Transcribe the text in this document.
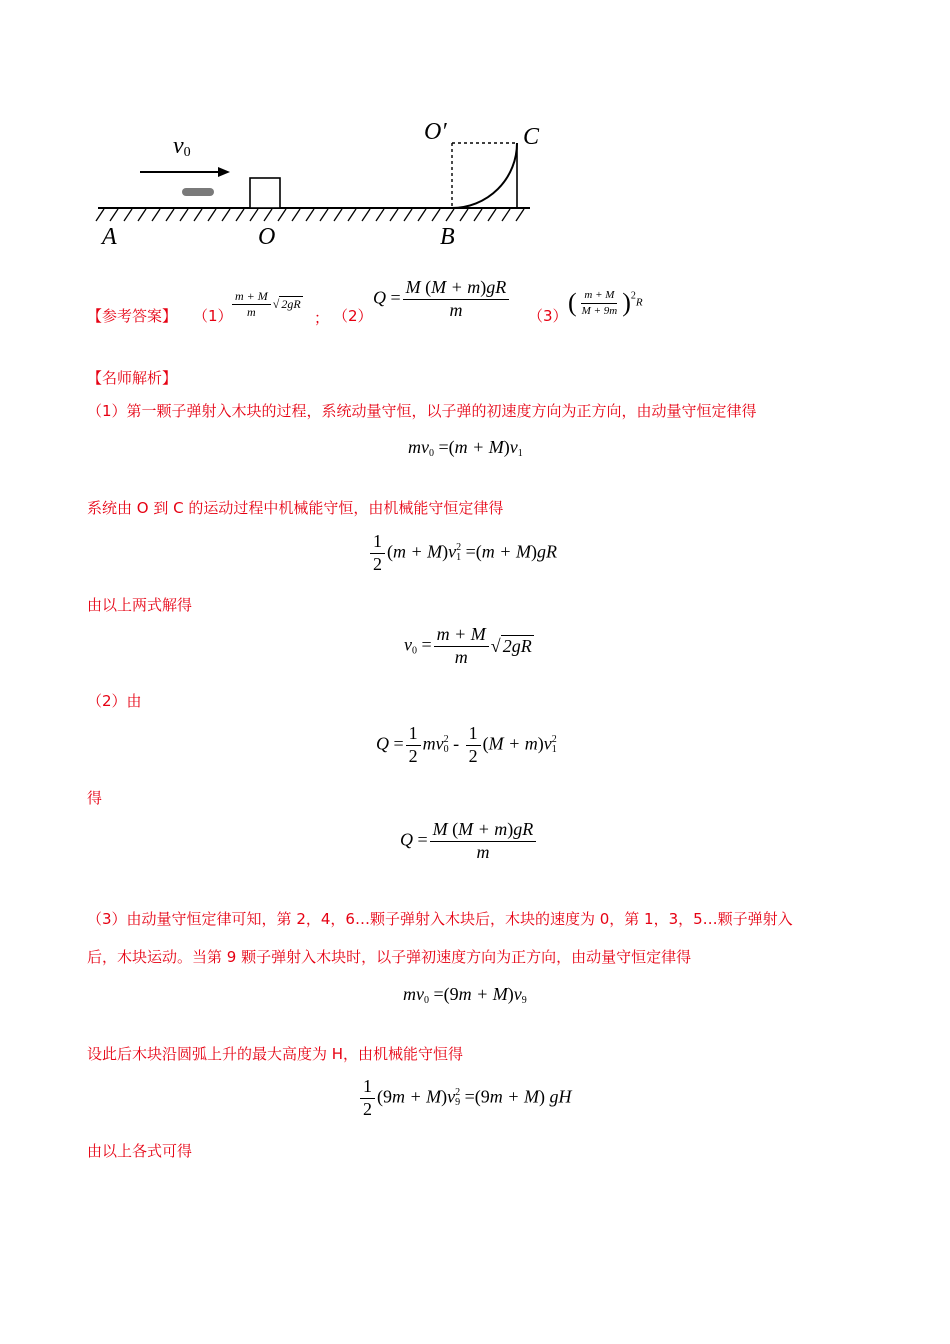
$v_0$
A	O	B
O′	C
【参考答案】 $(1) \frac{m + M}{m}$ √ 2gR
； （2）
$Q = \frac{M (M + m)gR}{m} (3)$ ( $\frac{m + M}{M + 9m} )^2R$
【名师解析】
（1）第一颗子弹射入木块的过程，系统动量守恒，以子弹的初速度方向为正方向，由动量守恒定律得
$mv_0 =(m + M)v_1$
系统由 O 到 C 的运动过程中机械能守恒，由机械能守恒定律得
$\frac{1}{2} (m + M)v$ 2
1 =(m + M)gR
由以上两式解得
$v_0 = \frac{m + M}{m}$ √ 2gR
（2）由
$Q = \frac{1}{2}$ mv 2
$0 - \frac{1}{2} (M + m)v$ 2
1
得
$Q = \frac{M (M + m)gR}{m}$
（3）由动量守恒定律可知，第 2，4，6…颗子弹射入木块后，木块的速度为 0，第 1，3，5…颗子弹射入
后，木块运动。当第 9 颗子弹射入木块时，以子弹初速度方向为正方向，由动量守恒定律得
$mv_0 =(9m + M)v_9$
设此后木块沿圆弧上升的最大高度为 H，由机械能守恒得
$\frac{1}{2} (9m + M)v$ 2
9 =(9m + M) gH
由以上各式可得
